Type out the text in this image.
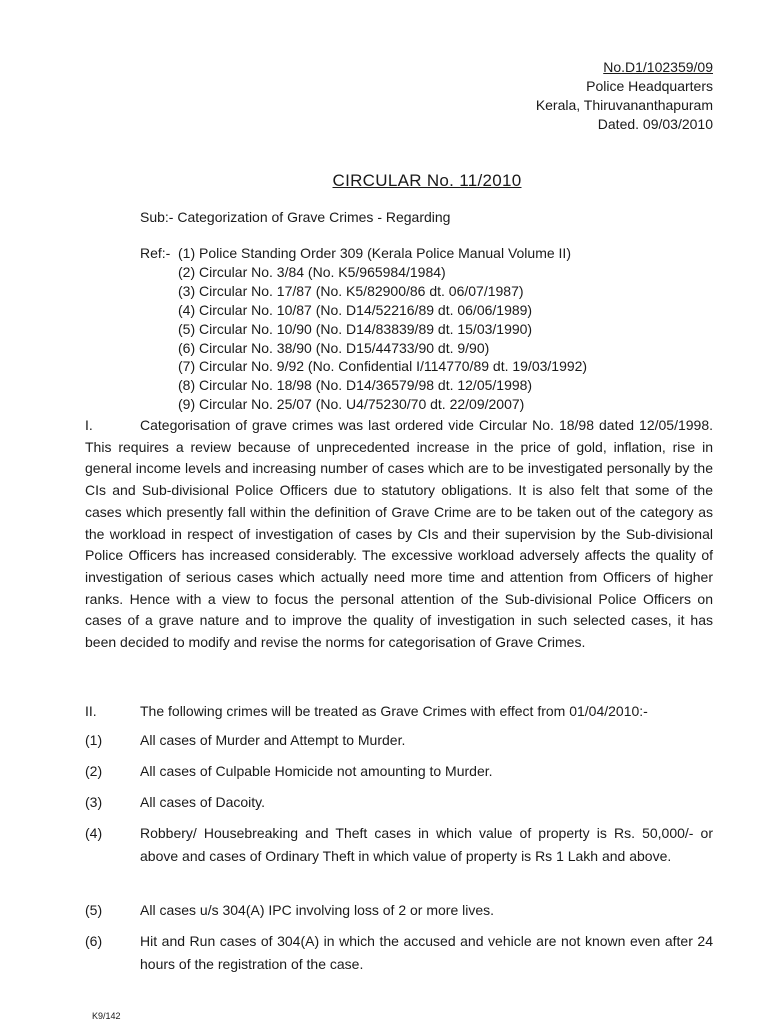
No.D1/102359/09
Police Headquarters
Kerala, Thiruvananthapuram
Dated. 09/03/2010
CIRCULAR No. 11/2010
Sub:- Categorization of Grave Crimes - Regarding
Ref:- (1) Police Standing Order 309 (Kerala Police Manual Volume II)
(2) Circular No. 3/84 (No. K5/965984/1984)
(3) Circular No. 17/87 (No. K5/82900/86 dt. 06/07/1987)
(4) Circular No. 10/87 (No. D14/52216/89 dt. 06/06/1989)
(5) Circular No. 10/90 (No. D14/83839/89 dt. 15/03/1990)
(6) Circular No. 38/90 (No. D15/44733/90 dt. 9/90)
(7) Circular No. 9/92 (No. Confidential I/114770/89 dt. 19/03/1992)
(8) Circular No. 18/98 (No. D14/36579/98 dt. 12/05/1998)
(9) Circular No. 25/07 (No. U4/75230/70 dt. 22/09/2007)
I.	Categorisation of grave crimes was last ordered vide Circular No. 18/98 dated 12/05/1998. This requires a review because of unprecedented increase in the price of gold, inflation, rise in general income levels and increasing number of cases which are to be investigated personally by the CIs and Sub-divisional Police Officers due to statutory obligations. It is also felt that some of the cases which presently fall within the definition of Grave Crime are to be taken out of the category as the workload in respect of investigation of cases by CIs and their supervision by the Sub-divisional Police Officers has increased considerably. The excessive workload adversely affects the quality of investigation of serious cases which actually need more time and attention from Officers of higher ranks. Hence with a view to focus the personal attention of the Sub-divisional Police Officers on cases of a grave nature and to improve the quality of investigation in such selected cases, it has been decided to modify and revise the norms for categorisation of Grave Crimes.
II.	The following crimes will be treated as Grave Crimes with effect from 01/04/2010:-
(1)	All cases of Murder and Attempt to Murder.
(2)	All cases of Culpable Homicide not amounting to Murder.
(3)	All cases of Dacoity.
(4)	Robbery/ Housebreaking and Theft cases in which value of property is Rs. 50,000/- or above and cases of Ordinary Theft in which value of property is Rs 1 Lakh and above.
(5)	All cases u/s 304(A) IPC involving loss of 2 or more lives.
(6)	Hit and Run cases of 304(A) in which the accused and vehicle are not known even after 24 hours of the registration of the case.
K9/142
